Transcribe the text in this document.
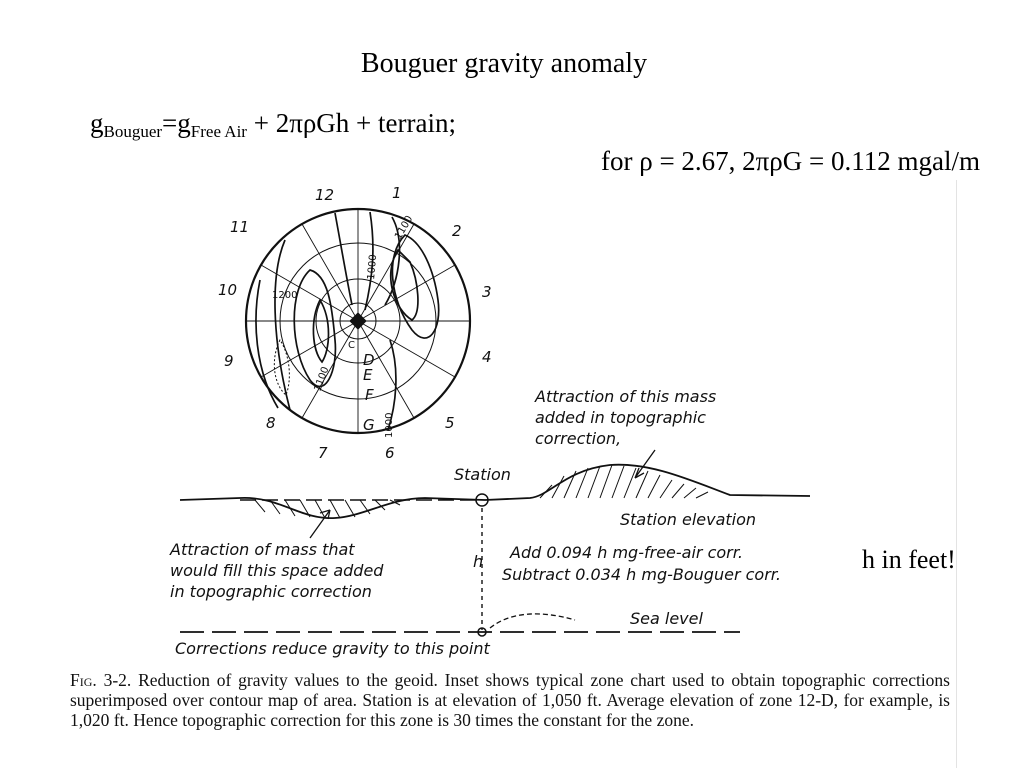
Bouguer gravity anomaly
$g_{Bouguer}=g_{Free Air} + 2\pi\rho Gh$ + terrain;
for ρ = 2.67, 2πρG = 0.112 mgal/m
12	1
2
3
4
5
6
7
8
9
10
11	1100
1000
1200
1100
1000
D
E
F
G
C
Attraction of this mass
added in topographic
correction,
Station
Station elevation
Attraction of mass that
would fill this space added
in topographic correction
h Add 0.094 h mg-free-air corr.
Subtract 0.034 h mg-Bouguer corr.
Sea level
Corrections reduce gravity to this point
h in feet!
Fig. 3-2. Reduction of gravity values to the geoid. Inset shows typical zone chart used to obtain topographic corrections superimposed over contour map of area. Station is at elevation of 1,050 ft. Average elevation of zone 12-D, for example, is 1,020 ft. Hence topographic correction for this zone is 30 times the constant for the zone.
